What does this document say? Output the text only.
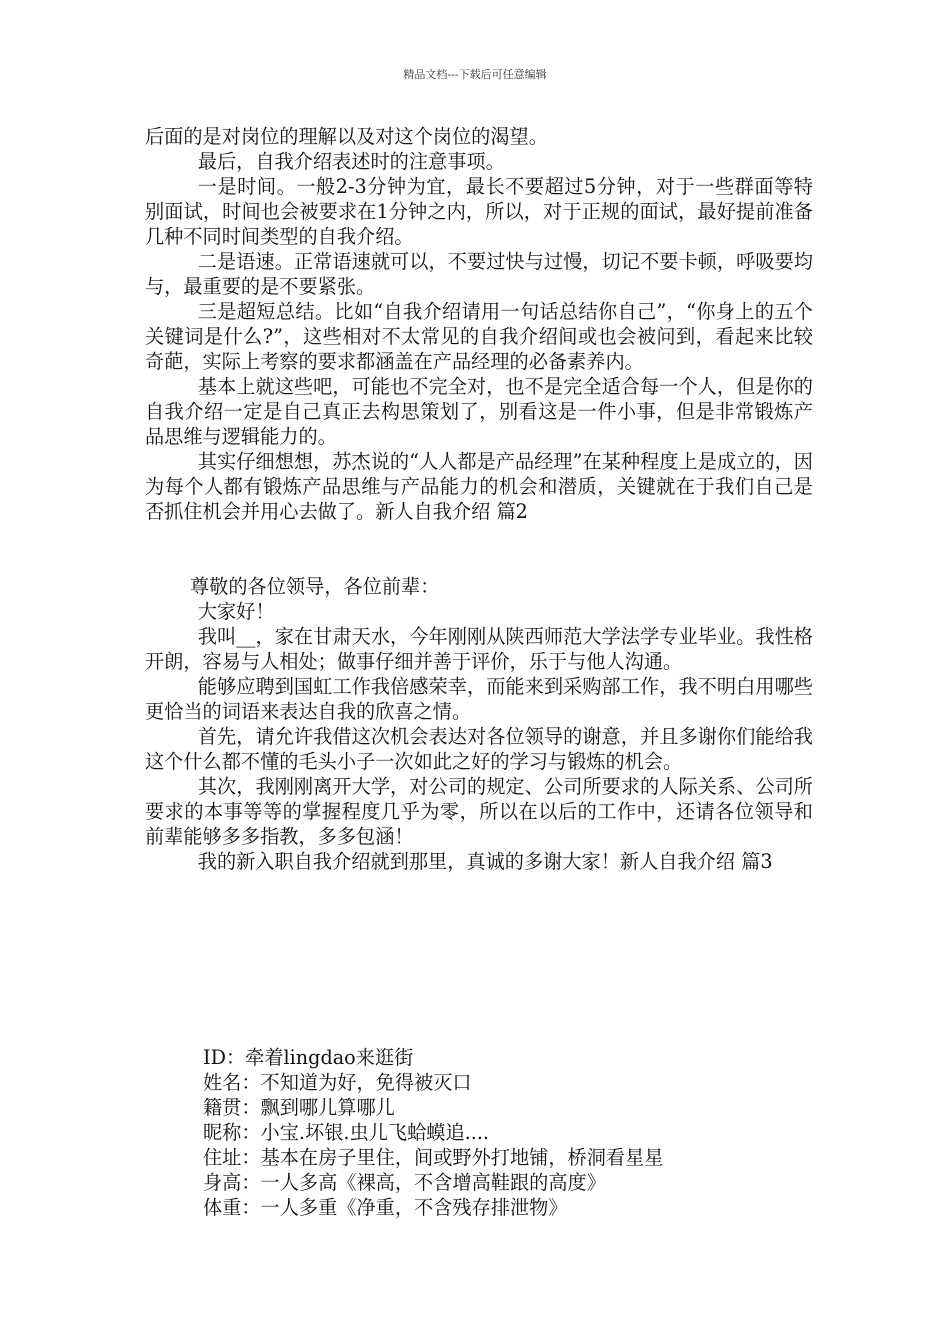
精品文档---下载后可任意编辑

后面的是对岗位的理解以及对这个岗位的渴望。

最后，自我介绍表述时的注意事项。

一是时间。一般2-3分钟为宜，最长不要超过5分钟，对于一些群面等特别面试，时间也会被要求在1分钟之内，所以，对于正规的面试，最好提前准备几种不同时间类型的自我介绍。

二是语速。正常语速就可以，不要过快与过慢，切记不要卡顿，呼吸要均与，最重要的是不要紧张。

三是超短总结。比如“自我介绍请用一句话总结你自己”，“你身上的五个关键词是什么?”，这些相对不太常见的自我介绍间或也会被问到，看起来比较奇葩，实际上考察的要求都涵盖在产品经理的必备素养内。

基本上就这些吧，可能也不完全对，也不是完全适合每一个人，但是你的自我介绍一定是自己真正去构思策划了，别看这是一件小事，但是非常锻炼产品思维与逻辑能力的。

其实仔细想想，苏杰说的“人人都是产品经理”在某种程度上是成立的，因为每个人都有锻炼产品思维与产品能力的机会和潜质，关键就在于我们自己是否抓住机会并用心去做了。新人自我介绍 篇2

尊敬的各位领导，各位前辈：

大家好！

我叫__，家在甘肃天水，今年刚刚从陕西师范大学法学专业毕业。我性格开朗，容易与人相处；做事仔细并善于评价，乐于与他人沟通。

能够应聘到国虹工作我倍感荣幸，而能来到采购部工作，我不明白用哪些更恰当的词语来表达自我的欣喜之情。

首先，请允许我借这次机会表达对各位领导的谢意，并且多谢你们能给我这个什么都不懂的毛头小子一次如此之好的学习与锻炼的机会。

其次，我刚刚离开大学，对公司的规定、公司所要求的人际关系、公司所要求的本事等等的掌握程度几乎为零，所以在以后的工作中，还请各位领导和前辈能够多多指教，多多包涵！

我的新入职自我介绍就到那里，真诚的多谢大家！新人自我介绍 篇3

ID：牵着lingdao来逛街

姓名：不知道为好，免得被灭口

籍贯：飘到哪儿算哪儿

昵称：小宝.坏银.虫儿飞蛤蟆追....

住址：基本在房子里住，间或野外打地铺，桥洞看星星

身高：一人多高《裸高，不含增高鞋跟的高度》

体重：一人多重《净重，不含残存排泄物》
